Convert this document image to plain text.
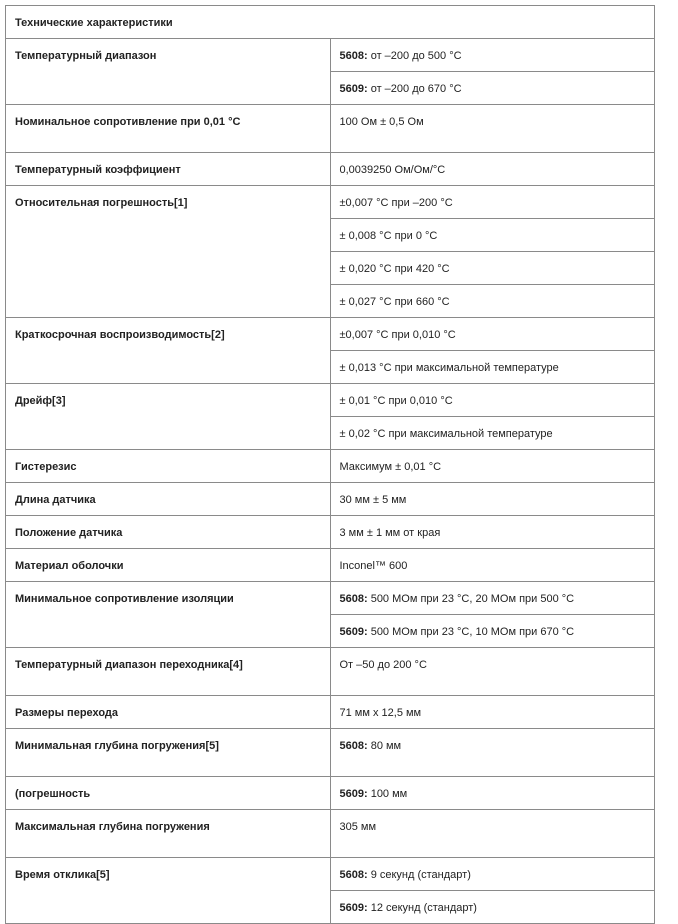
Технические характеристики	
Температурный диапазон	5608: от –200 до 500 °C
	5609: от –200 до 670 °C
Номинальное сопротивление при 0,01 °C	100 Ом ± 0,5 Ом
Температурный коэффициент	0,0039250 Ом/Ом/°C
Относительная погрешность[1]	±0,007 °C при –200 °C
	± 0,008 °C при 0 °C
	± 0,020 °C при 420 °C
	± 0,027 °C при 660 °C
Краткосрочная воспроизводимость[2]	±0,007 °C при 0,010 °C
	± 0,013 °C при максимальной температуре
Дрейф[3]	± 0,01 °C при 0,010 °C
	± 0,02 °C при максимальной температуре
Гистерезис	Максимум ± 0,01 °C
Длина датчика	30 мм ± 5 мм
Положение датчика	3 мм ± 1 мм от края
Материал оболочки	Inconel™ 600
Минимальное сопротивление изоляции	5608: 500 МОм при 23 °C, 20 МОм при 500 °C
	5609: 500 МОм при 23 °C, 10 МОм при 670 °C
Температурный диапазон переходника[4]	От –50 до 200 °C
Размеры перехода	71 мм x 12,5 мм
Минимальная глубина погружения[5]	5608: 80 мм
(погрешность	5609: 100 мм
Максимальная глубина погружения	305 мм
Время отклика[5]	5608: 9 секунд (стандарт)
	5609: 12 секунд (стандарт)
